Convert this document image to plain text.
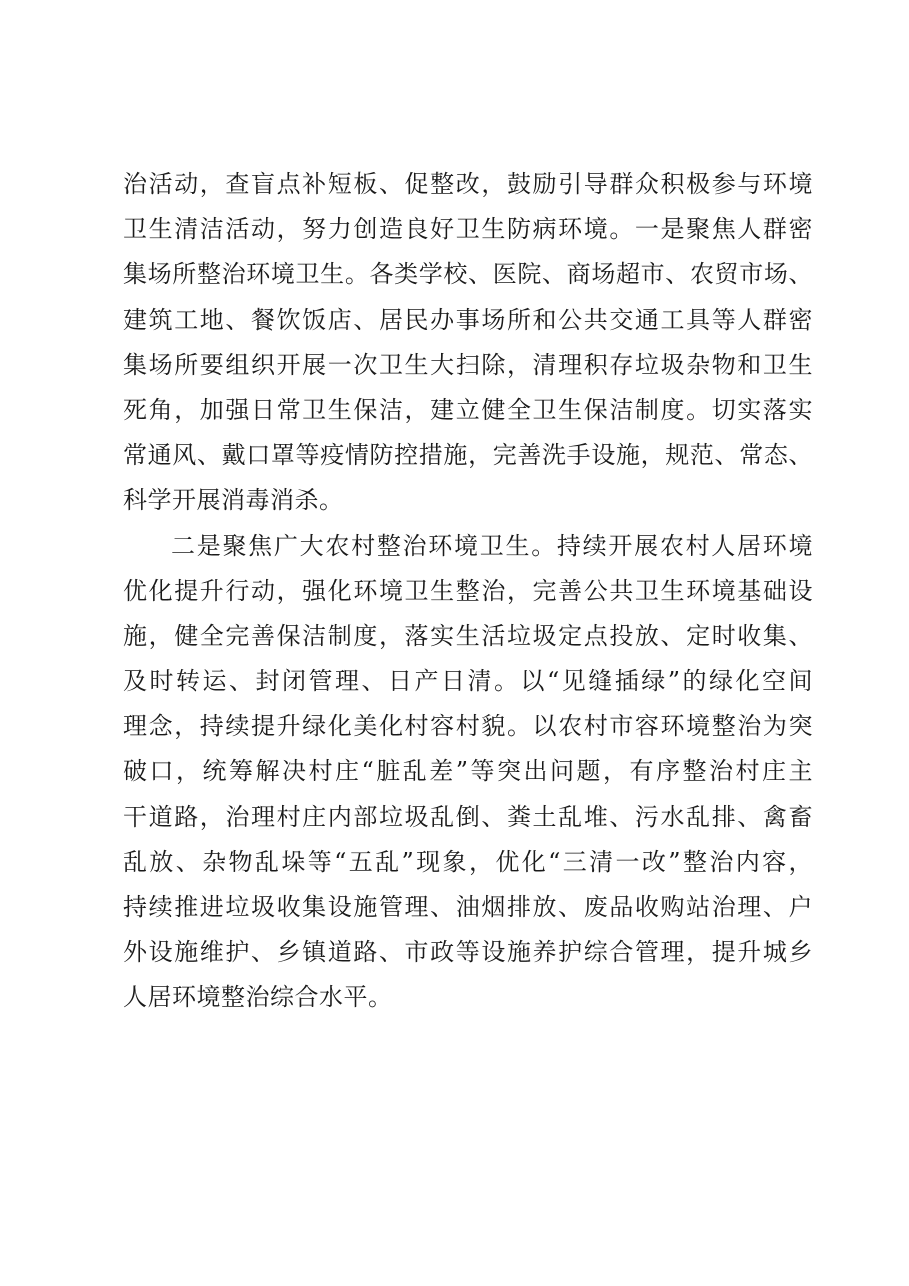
治活动，查盲点补短板、促整改，鼓励引导群众积极参与环境
卫生清洁活动，努力创造良好卫生防病环境。一是聚焦人群密
集场所整治环境卫生。各类学校、医院、商场超市、农贸市场、
建筑工地、餐饮饭店、居民办事场所和公共交通工具等人群密
集场所要组织开展一次卫生大扫除，清理积存垃圾杂物和卫生
死角，加强日常卫生保洁，建立健全卫生保洁制度。切实落实
常通风、戴口罩等疫情防控措施，完善洗手设施，规范、常态、
科学开展消毒消杀。

二是聚焦广大农村整治环境卫生。持续开展农村人居环境
优化提升行动，强化环境卫生整治，完善公共卫生环境基础设
施，健全完善保洁制度，落实生活垃圾定点投放、定时收集、
及时转运、封闭管理、日产日清。以“见缝插绿”的绿化空间
理念，持续提升绿化美化村容村貌。以农村市容环境整治为突
破口，统筹解决村庄“脏乱差”等突出问题，有序整治村庄主
干道路，治理村庄内部垃圾乱倒、粪土乱堆、污水乱排、禽畜
乱放、杂物乱垛等“五乱”现象，优化“三清一改”整治内容，
持续推进垃圾收集设施管理、油烟排放、废品收购站治理、户
外设施维护、乡镇道路、市政等设施养护综合管理，提升城乡
人居环境整治综合水平。
